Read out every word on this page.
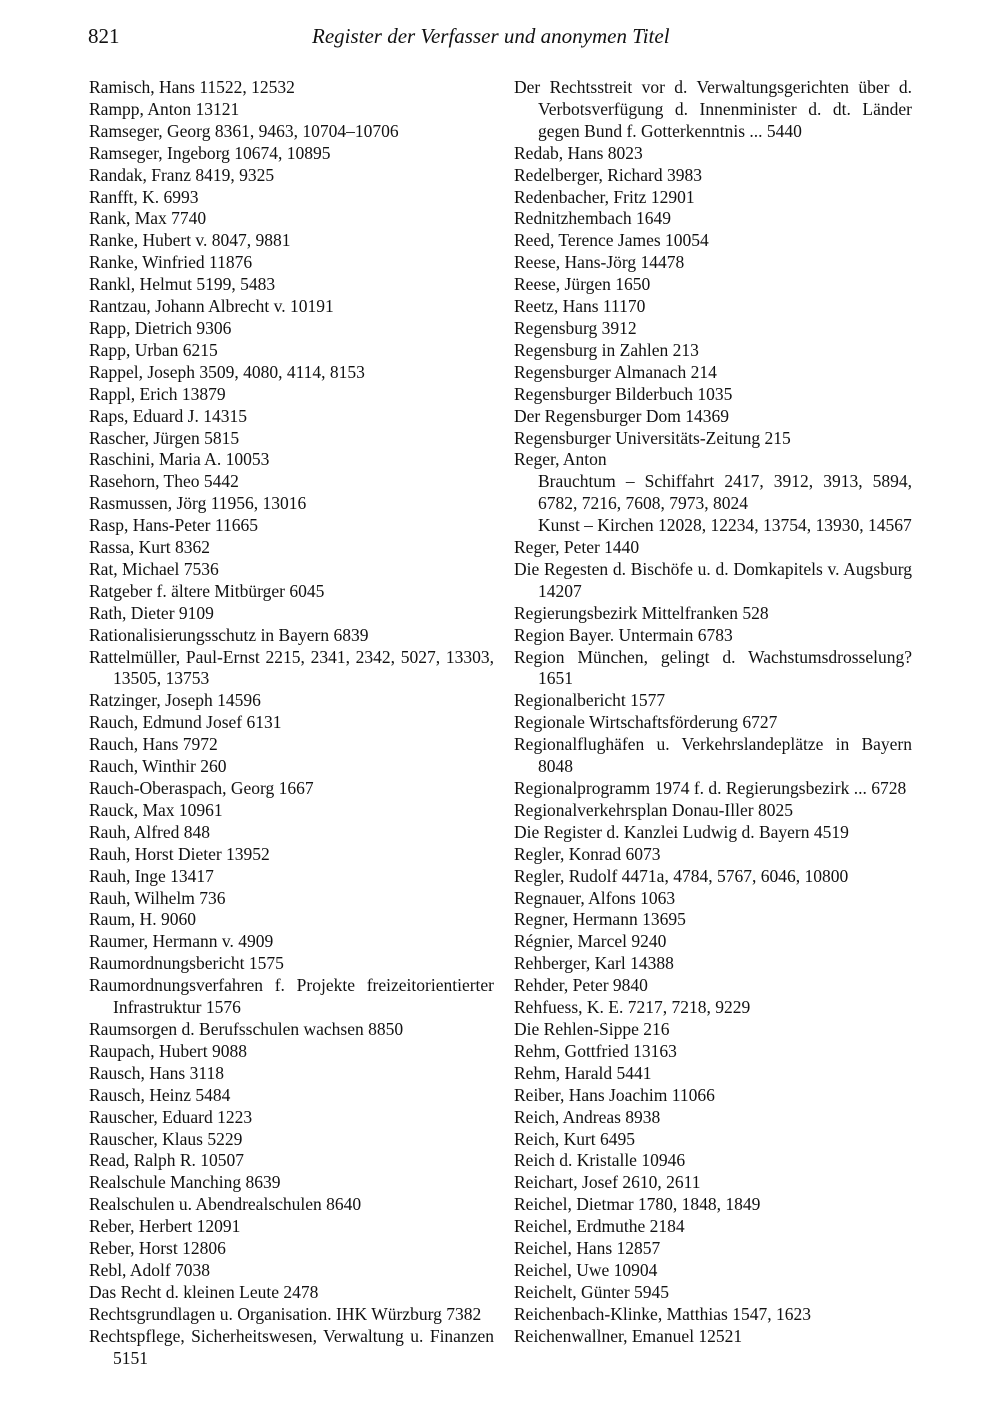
821	Register der Verfasser und anonymen Titel
Ramisch, Hans 11522, 12532
Rampp, Anton 13121
Ramseger, Georg 8361, 9463, 10704–10706
Ramseger, Ingeborg 10674, 10895
Randak, Franz 8419, 9325
Ranfft, K. 6993
Rank, Max 7740
Ranke, Hubert v. 8047, 9881
Ranke, Winfried 11876
Rankl, Helmut 5199, 5483
Rantzau, Johann Albrecht v. 10191
Rapp, Dietrich 9306
Rapp, Urban 6215
Rappel, Joseph 3509, 4080, 4114, 8153
Rappl, Erich 13879
Raps, Eduard J. 14315
Rascher, Jürgen 5815
Raschini, Maria A. 10053
Rasehorn, Theo 5442
Rasmussen, Jörg 11956, 13016
Rasp, Hans-Peter 11665
Rassa, Kurt 8362
Rat, Michael 7536
Ratgeber f. ältere Mitbürger 6045
Rath, Dieter 9109
Rationalisierungsschutz in Bayern 6839
Rattelmüller, Paul-Ernst 2215, 2341, 2342, 5027, 13303, 13505, 13753
Ratzinger, Joseph 14596
Rauch, Edmund Josef 6131
Rauch, Hans 7972
Rauch, Winthir 260
Rauch-Oberaspach, Georg 1667
Rauck, Max 10961
Rauh, Alfred 848
Rauh, Horst Dieter 13952
Rauh, Inge 13417
Rauh, Wilhelm 736
Raum, H. 9060
Raumer, Hermann v. 4909
Raumordnungsbericht 1575
Raumordnungsverfahren f. Projekte freizeitorientierter Infrastruktur 1576
Raumsorgen d. Berufsschulen wachsen 8850
Raupach, Hubert 9088
Rausch, Hans 3118
Rausch, Heinz 5484
Rauscher, Eduard 1223
Rauscher, Klaus 5229
Read, Ralph R. 10507
Realschule Manching 8639
Realschulen u. Abendrealschulen 8640
Reber, Herbert 12091
Reber, Horst 12806
Rebl, Adolf 7038
Das Recht d. kleinen Leute 2478
Rechtsgrundlagen u. Organisation. IHK Würzburg 7382
Rechtspflege, Sicherheitswesen, Verwaltung u. Finanzen 5151
Der Rechtsstreit vor d. Verwaltungsgerichten über d. Verbotsverfügung d. Innenminister d. dt. Länder gegen Bund f. Gotterkenntnis ... 5440
Redab, Hans 8023
Redelberger, Richard 3983
Redenbacher, Fritz 12901
Rednitzhembach 1649
Reed, Terence James 10054
Reese, Hans-Jörg 14478
Reese, Jürgen 1650
Reetz, Hans 11170
Regensburg 3912
Regensburg in Zahlen 213
Regensburger Almanach 214
Regensburger Bilderbuch 1035
Der Regensburger Dom 14369
Regensburger Universitäts-Zeitung 215
Reger, Anton
Brauchtum – Schiffahrt 2417, 3912, 3913, 5894, 6782, 7216, 7608, 7973, 8024
Kunst – Kirchen 12028, 12234, 13754, 13930, 14567
Reger, Peter 1440
Die Regesten d. Bischöfe u. d. Domkapitels v. Augsburg 14207
Regierungsbezirk Mittelfranken 528
Region Bayer. Untermain 6783
Region München, gelingt d. Wachstumsdrosselung? 1651
Regionalbericht 1577
Regionale Wirtschaftsförderung 6727
Regionalflughäfen u. Verkehrslandeplätze in Bayern 8048
Regionalprogramm 1974 f. d. Regierungsbezirk ... 6728
Regionalverkehrsplan Donau-Iller 8025
Die Register d. Kanzlei Ludwig d. Bayern 4519
Regler, Konrad 6073
Regler, Rudolf 4471a, 4784, 5767, 6046, 10800
Regnauer, Alfons 1063
Regner, Hermann 13695
Régnier, Marcel 9240
Rehberger, Karl 14388
Rehder, Peter 9840
Rehfuess, K. E. 7217, 7218, 9229
Die Rehlen-Sippe 216
Rehm, Gottfried 13163
Rehm, Harald 5441
Reiber, Hans Joachim 11066
Reich, Andreas 8938
Reich, Kurt 6495
Reich d. Kristalle 10946
Reichart, Josef 2610, 2611
Reichel, Dietmar 1780, 1848, 1849
Reichel, Erdmuthe 2184
Reichel, Hans 12857
Reichel, Uwe 10904
Reichelt, Günter 5945
Reichenbach-Klinke, Matthias 1547, 1623
Reichenwallner, Emanuel 12521
